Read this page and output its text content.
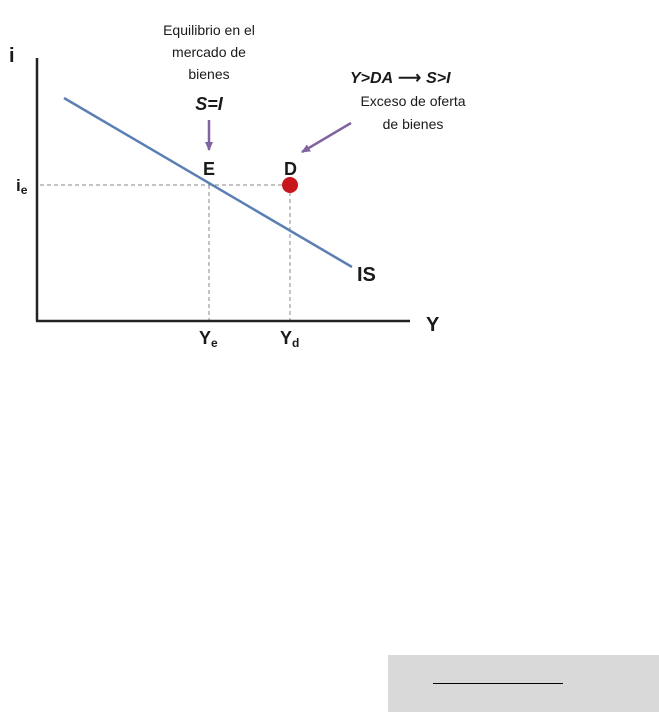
i
Y
IS
ie
Ye	Yd
E	D
Equilibrio en el
mercado de
bienes
S=I
Y>DA ⟶ S>I
Exceso de oferta
de bienes
